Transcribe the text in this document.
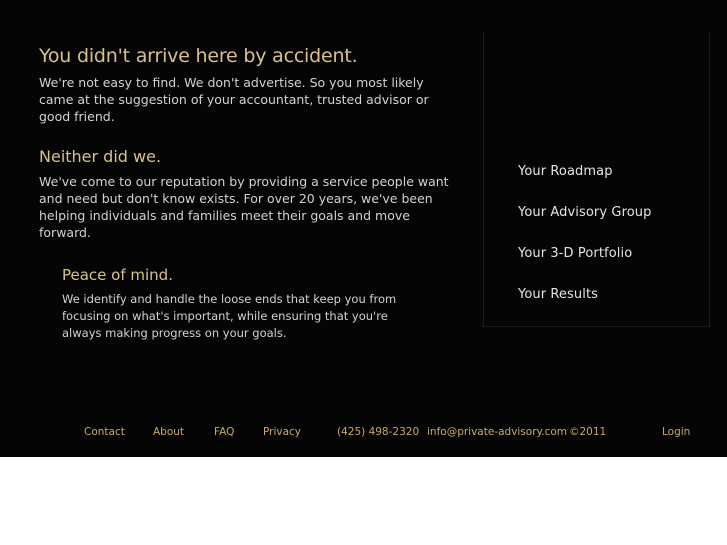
You didn't arrive here by accident.

We're not easy to find. We don't advertise. So you most likely came at the suggestion of your accountant, trusted advisor or good friend.

Neither did we.

We've come to our reputation by providing a service people want and need but don't know exists. For over 20 years, we've been helping individuals and families meet their goals and move forward.

Peace of mind.

We identify and handle the loose ends that keep you from focusing on what's important, while ensuring that you're always making progress on your goals.

Your Roadmap
Your Advisory Group
Your 3-D Portfolio
Your Results
Contact	About	FAQ	Privacy	(425) 498-2320 info@private-advisory.com ©2011	Login
